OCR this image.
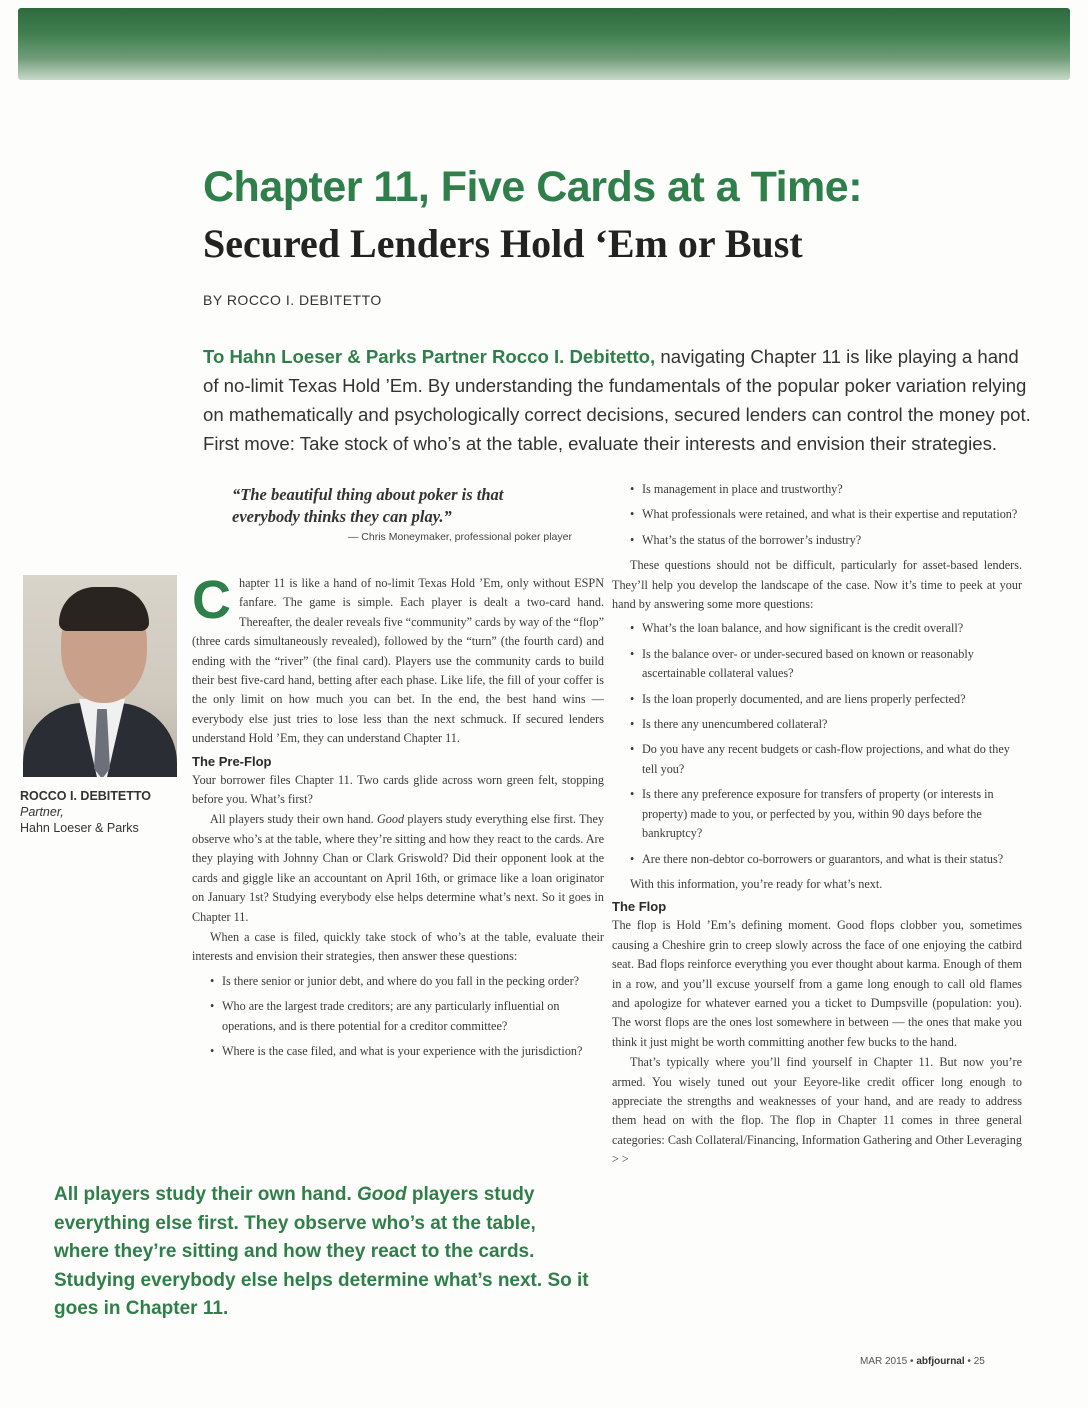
Chapter 11, Five Cards at a Time:
Secured Lenders Hold ‘Em or Bust
BY ROCCO I. DEBITETTO

To Hahn Loeser & Parks Partner Rocco I. Debitetto, navigating Chapter 11 is like playing a hand of no-limit Texas Hold ’Em. By understanding the fundamentals of the popular poker variation relying on mathematically and psychologically correct decisions, secured lenders can control the money pot. First move: Take stock of who’s at the table, evaluate their interests and envision their strategies.

“The beautiful thing about poker is that everybody thinks they can play.”
— Chris Moneymaker, professional poker player
ROCCO I. DEBITETTO
Partner,
Hahn Loeser & Parks

Chapter 11 is like a hand of no-limit Texas Hold ’Em, only without ESPN fanfare. The game is simple. Each player is dealt a two-card hand. Thereafter, the dealer reveals five “community” cards by way of the “flop” (three cards simultaneously revealed), followed by the “turn” (the fourth card) and ending with the “river” (the final card). Players use the community cards to build their best five-card hand, betting after each phase. Like life, the fill of your coffer is the only limit on how much you can bet. In the end, the best hand wins — everybody else just tries to lose less than the next schmuck. If secured lenders understand Hold ’Em, they can understand Chapter 11.

The Pre-Flop

Your borrower files Chapter 11. Two cards glide across worn green felt, stopping before you. What’s first?

All players study their own hand. Good players study everything else first. They observe who’s at the table, where they’re sitting and how they react to the cards. Are they playing with Johnny Chan or Clark Griswold? Did their opponent look at the cards and giggle like an accountant on April 16th, or grimace like a loan originator on January 1st? Studying everybody else helps determine what’s next. So it goes in Chapter 11.

When a case is filed, quickly take stock of who’s at the table, evaluate their interests and envision their strategies, then answer these questions:

• Is there senior or junior debt, and where do you fall in the pecking order?
• Who are the largest trade creditors; are any particularly influential on operations, and is there potential for a creditor committee?
• Where is the case filed, and what is your experience with the jurisdiction?
• Is management in place and trustworthy?
• What professionals were retained, and what is their expertise and reputation?
• What’s the status of the borrower’s industry?

These questions should not be difficult, particularly for asset-based lenders. They’ll help you develop the landscape of the case. Now it’s time to peek at your hand by answering some more questions:

• What’s the loan balance, and how significant is the credit overall?
• Is the balance over- or under-secured based on known or reasonably ascertainable collateral values?
• Is the loan properly documented, and are liens properly perfected?
• Is there any unencumbered collateral?
• Do you have any recent budgets or cash-flow projections, and what do they tell you?
• Is there any preference exposure for transfers of property (or interests in property) made to you, or perfected by you, within 90 days before the bankruptcy?
• Are there non-debtor co-borrowers or guarantors, and what is their status?

With this information, you’re ready for what’s next.

The Flop

The flop is Hold ’Em’s defining moment. Good flops clobber you, sometimes causing a Cheshire grin to creep slowly across the face of one enjoying the catbird seat. Bad flops reinforce everything you ever thought about karma. Enough of them in a row, and you’ll excuse yourself from a game long enough to call old flames and apologize for whatever earned you a ticket to Dumpsville (population: you). The worst flops are the ones lost somewhere in between — the ones that make you think it just might be worth committing another few bucks to the hand.

That’s typically where you’ll find yourself in Chapter 11. But now you’re armed. You wisely tuned out your Eeyore-like credit officer long enough to appreciate the strengths and weaknesses of your hand, and are ready to address them head on with the flop. The flop in Chapter 11 comes in three general categories: Cash Collateral/Financing, Information Gathering and Other Leveraging > >

All players study their own hand. Good players study everything else first. They observe who’s at the table, where they’re sitting and how they react to the cards. Studying everybody else helps determine what’s next. So it goes in Chapter 11.
MAR 2015 • abfjournal • 25
